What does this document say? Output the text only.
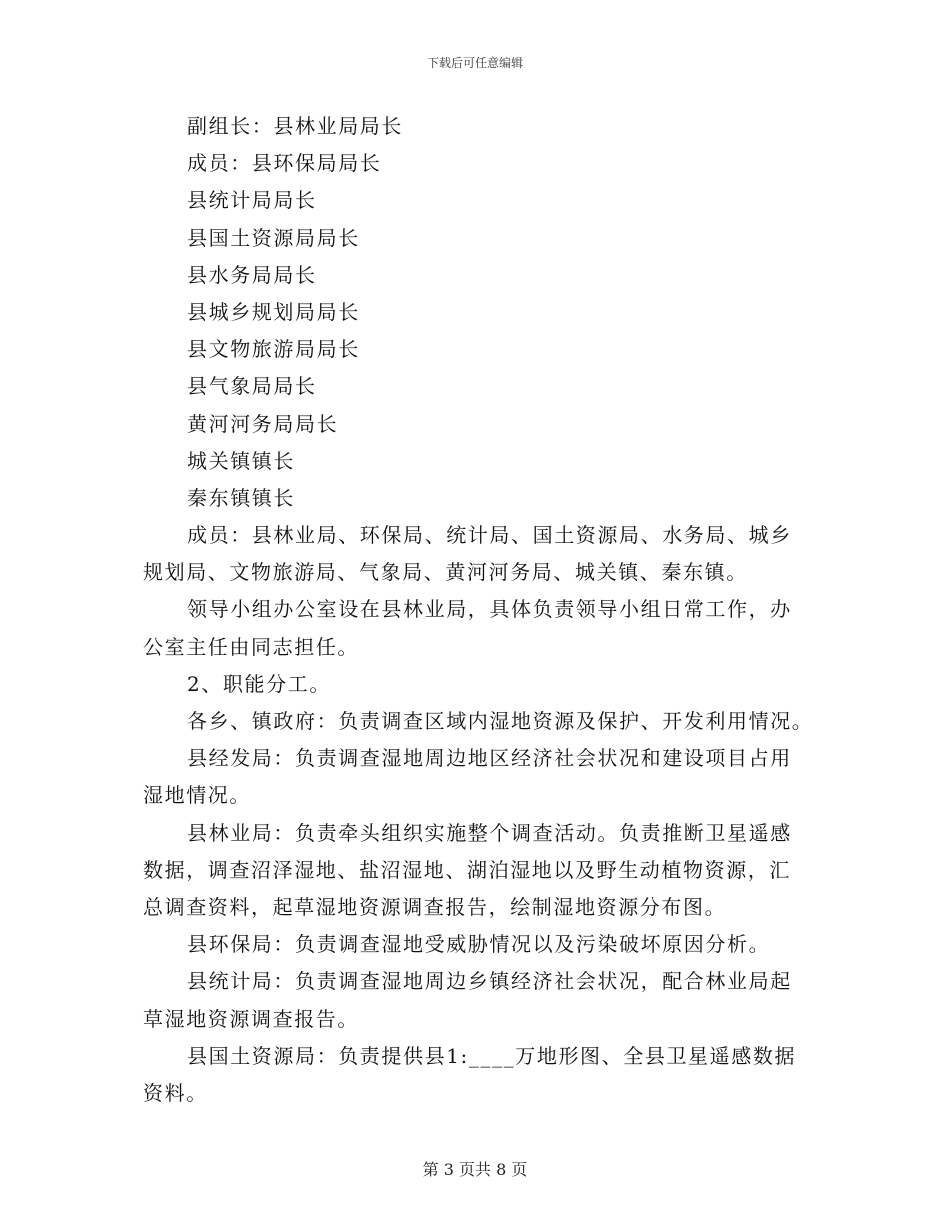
下载后可任意编辑
副组长：县林业局局长
成员：县环保局局长
县统计局局长
县国土资源局局长
县水务局局长
县城乡规划局局长
县文物旅游局局长
县气象局局长
黄河河务局局长
城关镇镇长
秦东镇镇长
成员：县林业局、环保局、统计局、国土资源局、水务局、城乡
规划局、文物旅游局、气象局、黄河河务局、城关镇、秦东镇。
领导小组办公室设在县林业局，具体负责领导小组日常工作，办
公室主任由同志担任。
2、职能分工。
各乡、镇政府：负责调查区域内湿地资源及保护、开发利用情况。
县经发局：负责调查湿地周边地区经济社会状况和建设项目占用
湿地情况。
县林业局：负责牵头组织实施整个调查活动。负责推断卫星遥感
数据，调查沼泽湿地、盐沼湿地、湖泊湿地以及野生动植物资源，汇
总调查资料，起草湿地资源调查报告，绘制湿地资源分布图。
县环保局：负责调查湿地受威胁情况以及污染破坏原因分析。
县统计局：负责调查湿地周边乡镇经济社会状况，配合林业局起
草湿地资源调查报告。
县国土资源局：负责提供县1:____万地形图、全县卫星遥感数据
资料。
第 3 页共 8 页
